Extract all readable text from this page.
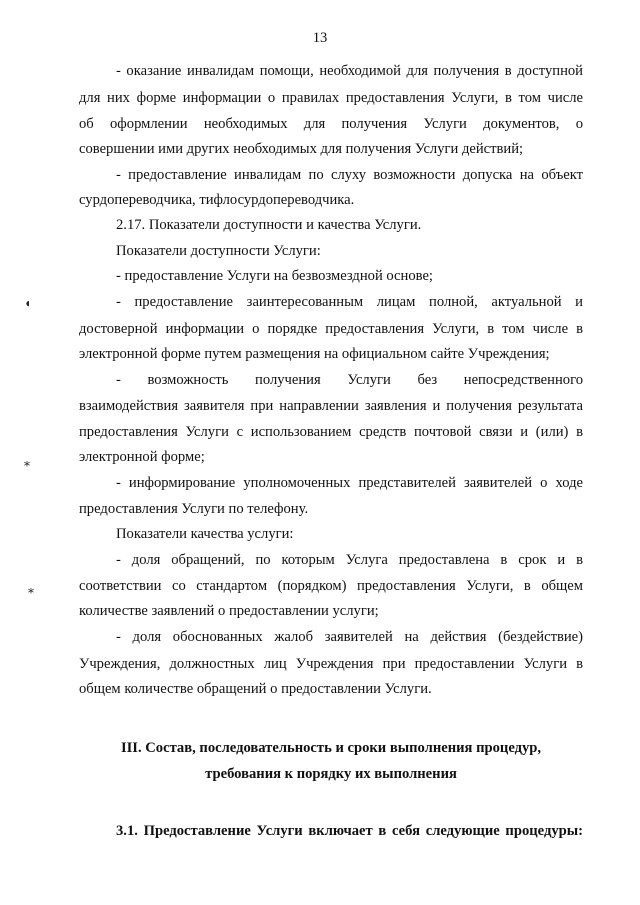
13
- оказание инвалидам помощи, необходимой для получения в доступной
для них форме информации о правилах предоставления Услуги, в том числе
об оформлении необходимых для получения Услуги документов, о
совершении ими других необходимых для получения Услуги действий;
- предоставление инвалидам по слуху возможности допуска на объект
сурдопереводчика, тифлосурдопереводчика.
2.17. Показатели доступности и качества Услуги.
Показатели доступности Услуги:
- предоставление Услуги на безвозмездной основе;
- предоставление заинтересованным лицам полной, актуальной и
достоверной информации о порядке предоставления Услуги, в том числе в
электронной форме путем размещения на официальном сайте Учреждения;
- возможность получения Услуги без непосредственного
взаимодействия заявителя при направлении заявления и получения результата
предоставления Услуги с использованием средств почтовой связи и (или) в
электронной форме;
- информирование уполномоченных представителей заявителей о ходе
предоставления Услуги по телефону.
Показатели качества услуги:
- доля обращений, по которым Услуга предоставлена в срок и в
соответствии со стандартом (порядком) предоставления Услуги, в общем
количестве заявлений о предоставлении услуги;
- доля обоснованных жалоб заявителей на действия (бездействие)
Учреждения, должностных лиц Учреждения при предоставлении Услуги в
общем количестве обращений о предоставлении Услуги.
III. Состав, последовательность и сроки выполнения процедур,
требования к порядку их выполнения
3.1. Предоставление Услуги включает в себя следующие процедуры:
◖
⁎
⁎
